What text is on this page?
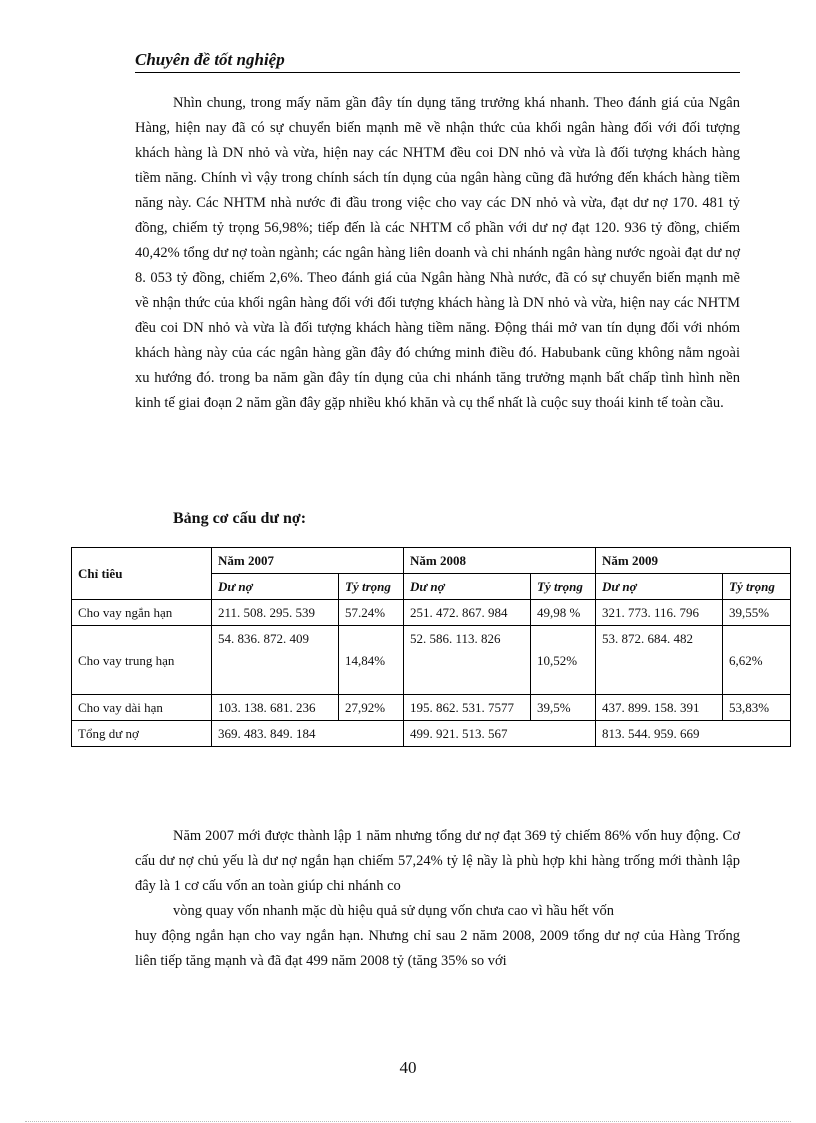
Chuyên đề tốt nghiệp
Nhìn chung, trong mấy năm gần đây tín dụng tăng trưởng khá nhanh. Theo đánh giá của Ngân Hàng, hiện nay đã có sự chuyển biến mạnh mẽ về nhận thức của khối ngân hàng đối với đối tượng khách hàng là DN nhỏ và vừa, hiện nay các NHTM đều coi DN nhỏ và vừa là đối tượng khách hàng tiềm năng. Chính vì vậy trong chính sách tín dụng của ngân hàng cũng đã hướng đến khách hàng tiềm năng này. Các NHTM nhà nước đi đầu trong việc cho vay các DN nhỏ và vừa, đạt dư nợ 170. 481 tỷ đồng, chiếm tỷ trọng 56,98%; tiếp đến là các NHTM cổ phần với dư nợ đạt 120. 936 tỷ đồng, chiếm 40,42% tổng dư nợ toàn ngành; các ngân hàng liên doanh và chi nhánh ngân hàng nước ngoài đạt dư nợ 8. 053 tỷ đồng, chiếm 2,6%. Theo đánh giá của Ngân hàng Nhà nước, đã có sự chuyển biến mạnh mẽ về nhận thức của khối ngân hàng đối với đối tượng khách hàng là DN nhỏ và vừa, hiện nay các NHTM đều coi DN nhỏ và vừa là đối tượng khách hàng tiềm năng. Động thái mở van tín dụng đối với nhóm khách hàng này của các ngân hàng gần đây đó chứng minh điều đó. Habubank cũng không nằm ngoài xu hướng đó. trong ba năm gần đây tín dụng của chi nhánh tăng trưởng mạnh bất chấp tình hình nền kinh tế giai đoạn 2 năm gần đây gặp nhiều khó khăn và cụ thể nhất là cuộc suy thoái kinh tế toàn cầu.
Bảng cơ cấu dư nợ:
Chỉ tiêu	Năm 2007		Năm 2008		Năm 2009	
	Dư nợ	Tỷ trọng	Dư nợ	Tỷ trọng	Dư nợ	Tỷ trọng
Cho vay ngắn hạn	211. 508. 295. 539	57.24%	251. 472. 867. 984	49,98 %	321. 773. 116. 796	39,55%
Cho vay trung hạn	54. 836. 872. 409	14,84%	52. 586. 113. 826	10,52%	53. 872. 684. 482	6,62%
Cho vay dài hạn	103. 138. 681. 236	27,92%	195. 862. 531. 7577	39,5%	437. 899. 158. 391	53,83%
Tổng dư nợ	369. 483. 849. 184		499. 921. 513. 567		813. 544. 959. 669	
Năm 2007 mới được thành lập 1 năm nhưng tổng dư nợ đạt 369 tỷ chiếm 86% vốn huy động. Cơ cấu dư nợ chủ yếu là dư nợ ngắn hạn chiếm 57,24% tỷ lệ nầy là phù hợp khi hàng trống mới thành lập đây là 1 cơ cấu vốn an toàn giúp chi nhánh co
vòng quay vốn nhanh mặc dù hiệu quả sử dụng vốn chưa cao vì hầu hết vốn
huy động ngắn hạn cho vay ngắn hạn. Nhưng chỉ sau 2 năm 2008, 2009 tổng dư nợ của Hàng Trống liên tiếp tăng mạnh và đã đạt 499 năm 2008 tỷ (tăng 35% so với
40
